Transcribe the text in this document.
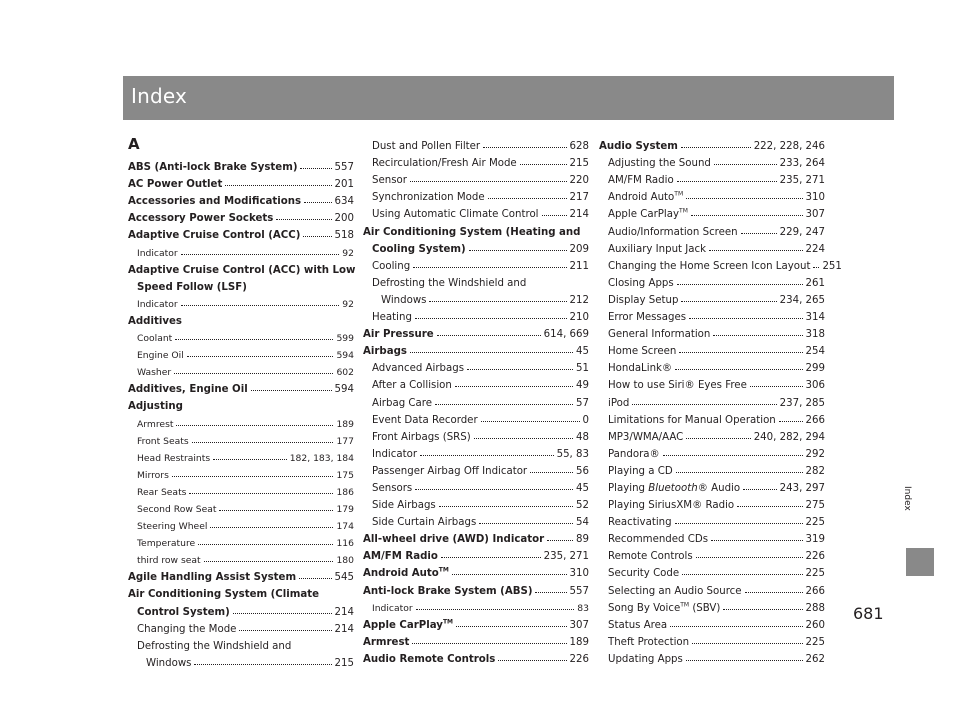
Index
Index
681
A
ABS (Anti-lock Brake System)	557
AC Power Outlet	201
Accessories and Modifications	634
Accessory Power Sockets	200
Adaptive Cruise Control (ACC)	518
Indicator	92
Adaptive Cruise Control (ACC) with Low
Speed Follow (LSF)
Indicator	92
Additives
Coolant	599
Engine Oil	594
Washer	602
Additives, Engine Oil	594
Adjusting
Armrest	189
Front Seats	177
Head Restraints	182, 183, 184
Mirrors	175
Rear Seats	186
Second Row Seat	179
Steering Wheel	174
Temperature	116
third row seat	180
Agile Handling Assist System	545
Air Conditioning System (Climate
Control System)	214
Changing the Mode	214
Defrosting the Windshield and
Windows	215
Dust and Pollen Filter	628
Recirculation/Fresh Air Mode	215
Sensor	220
Synchronization Mode	217
Using Automatic Climate Control	214
Air Conditioning System (Heating and
Cooling System)	209
Cooling	211
Defrosting the Windshield and
Windows	212
Heating	210
Air Pressure	614, 669
Airbags	45
Advanced Airbags	51
After a Collision	49
Airbag Care	57
Event Data Recorder	0
Front Airbags (SRS)	48
Indicator	55, 83
Passenger Airbag Off Indicator	56
Sensors	45
Side Airbags	52
Side Curtain Airbags	54
All-wheel drive (AWD) Indicator	89
AM/FM Radio	235, 271
Android Auto™	310
Anti-lock Brake System (ABS)	557
Indicator	83
Apple CarPlay™	307
Armrest	189
Audio Remote Controls	226
Audio System	222, 228, 246
Adjusting the Sound	233, 264
AM/FM Radio	235, 271
Android Auto™	310
Apple CarPlay™	307
Audio/Information Screen	229, 247
Auxiliary Input Jack	224
Changing the Home Screen Icon Layout 251
Closing Apps	261
Display Setup	234, 265
Error Messages	314
General Information	318
Home Screen	254
HondaLink®	299
How to use Siri® Eyes Free	306
iPod	237, 285
Limitations for Manual Operation	266
MP3/WMA/AAC	240, 282, 294
Pandora®	292
Playing a CD	282
Playing Bluetooth® Audio	243, 297
Playing SiriusXM® Radio	275
Reactivating	225
Recommended CDs	319
Remote Controls	226
Security Code	225
Selecting an Audio Source	266
Song By Voice™ (SBV)	288
Status Area	260
Theft Protection	225
Updating Apps	262
